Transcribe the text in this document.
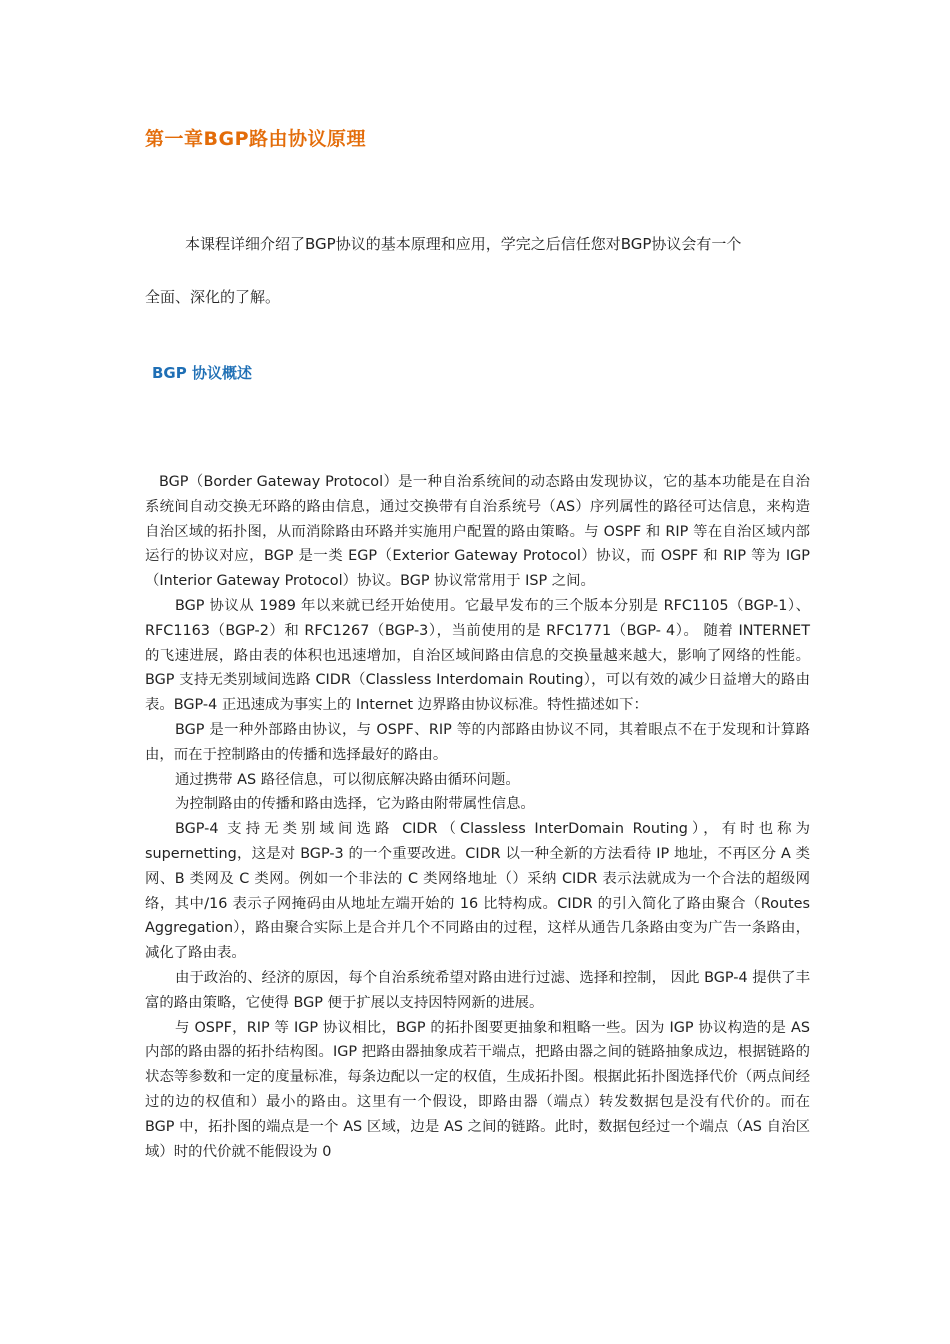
第一章BGP路由协议原理
本课程详细介绍了BGP协议的基本原理和应用，学完之后信任您对BGP协议会有一个
全面、深化的了解。
BGP 协议概述

BGP（Border Gateway Protocol）是一种自治系统间的动态路由发现协议，它的基本功能是在自治系统间自动交换无环路的路由信息，通过交换带有自治系统号（AS）序列属性的路径可达信息，来构造自治区域的拓扑图，从而消除路由环路并实施用户配置的路由策略。与 OSPF 和 RIP 等在自治区域内部运行的协议对应，BGP 是一类 EGP（Exterior Gateway Protocol）协议，而 OSPF 和 RIP 等为 IGP（Interior Gateway Protocol）协议。BGP 协议常常用于 ISP 之间。

BGP 协议从 1989 年以来就已经开始使用。它最早发布的三个版本分别是 RFC1105（BGP-1）、RFC1163（BGP-2）和 RFC1267（BGP-3），当前使用的是 RFC1771（BGP- 4）。 随着 INTERNET 的飞速进展，路由表的体积也迅速增加，自治区域间路由信息的交换量越来越大，影响了网络的性能。BGP 支持无类别域间选路 CIDR（Classless Interdomain Routing），可以有效的减少日益增大的路由表。BGP-4 正迅速成为事实上的 Internet 边界路由协议标准。特性描述如下：

BGP 是一种外部路由协议，与 OSPF、RIP 等的内部路由协议不同，其着眼点不在于发现和计算路由，而在于控制路由的传播和选择最好的路由。

通过携带 AS 路径信息，可以彻底解决路由循环问题。

为控制路由的传播和路由选择，它为路由附带属性信息。

BGP-4 支持无类别域间选路 CIDR（Classless InterDomain Routing），有时也称为 supernetting，这是对 BGP-3 的一个重要改进。CIDR 以一种全新的方法看待 IP 地址，不再区分 A 类网、B 类网及 C 类网。例如一个非法的 C 类网络地址（）采纳 CIDR 表示法就成为一个合法的超级网络，其中/16 表示子网掩码由从地址左端开始的 16 比特构成。CIDR 的引入简化了路由聚合（Routes Aggregation），路由聚合实际上是合并几个不同路由的过程，这样从通告几条路由变为广告一条路由，减化了路由表。

由于政治的、经济的原因，每个自治系统希望对路由进行过滤、选择和控制， 因此 BGP-4 提供了丰富的路由策略，它使得 BGP 便于扩展以支持因特网新的进展。

与 OSPF，RIP 等 IGP 协议相比，BGP 的拓扑图要更抽象和粗略一些。因为 IGP 协议构造的是 AS 内部的路由器的拓扑结构图。IGP 把路由器抽象成若干端点，把路由器之间的链路抽象成边，根据链路的状态等参数和一定的度量标准，每条边配以一定的权值，生成拓扑图。根据此拓扑图选择代价（两点间经过的边的权值和）最小的路由。这里有一个假设，即路由器（端点）转发数据包是没有代价的。而在 BGP 中，拓扑图的端点是一个 AS 区域，边是 AS 之间的链路。此时，数据包经过一个端点（AS 自治区域）时的代价就不能假设为 0
